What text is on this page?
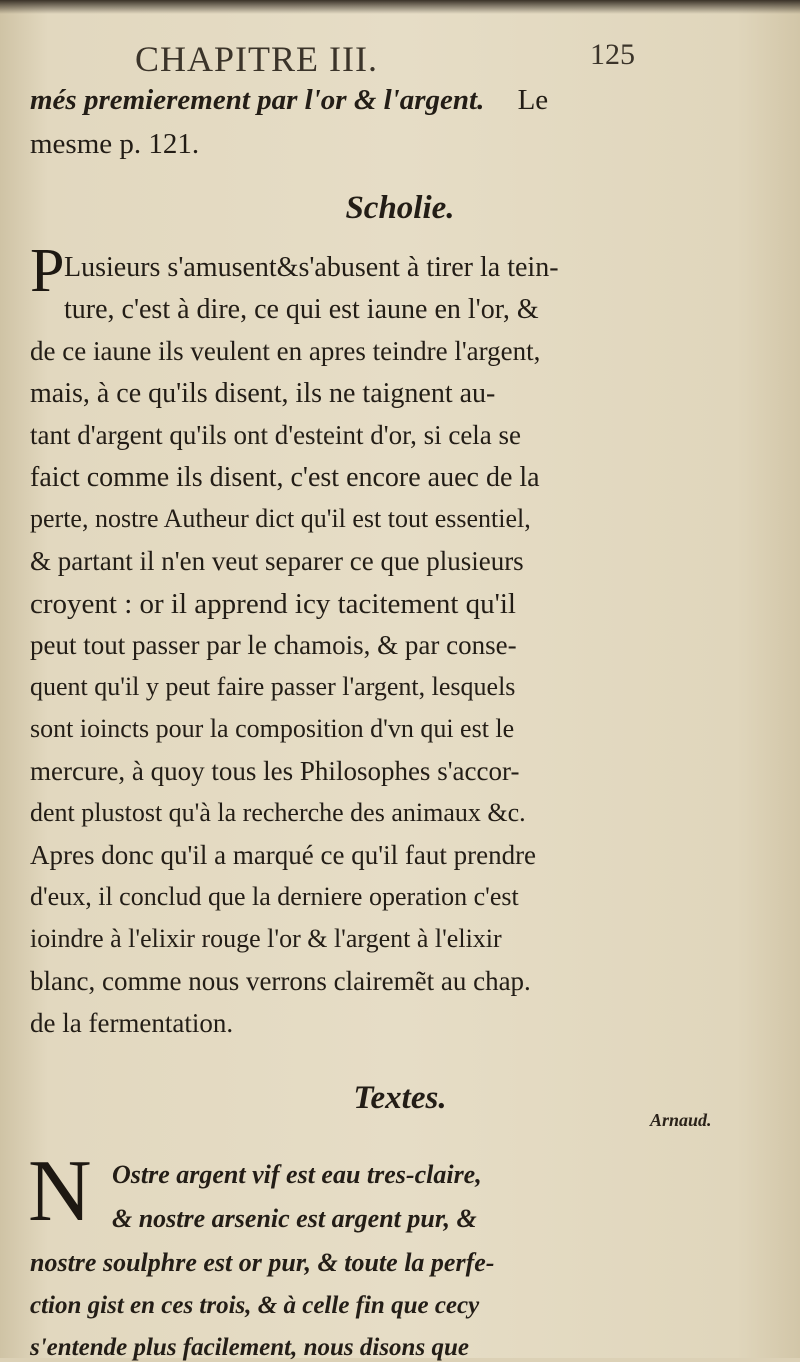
CHAPITRE III.	125
més premierement par l'or & l'argent. Le
mesme p. 121.
Scholie.
P Lusieurs s'amusent&s'abusent à tirer la tein-
ture, c'est à dire, ce qui est iaune en l'or, &
de ce iaune ils veulent en apres teindre l'argent,
mais, à ce qu'ils disent, ils ne taignent au-
tant d'argent qu'ils ont d'esteint d'or, si cela se
faict comme ils disent, c'est encore auec de la
perte, nostre Autheur dict qu'il est tout essentiel,
& partant il n'en veut separer ce que plusieurs
croyent : or il apprend icy tacitement qu'il
peut tout passer par le chamois, & par conse-
quent qu'il y peut faire passer l'argent, lesquels
sont ioincts pour la composition d'vn qui est le
mercure, à quoy tous les Philosophes s'accor-
dent plustost qu'à la recherche des animaux &c.
Apres donc qu'il a marqué ce qu'il faut prendre
d'eux, il conclud que la derniere operation c'est
ioindre à l'elixir rouge l'or & l'argent à l'elixir
blanc, comme nous verrons clairemẽt au chap.
de la fermentation.
Textes.
N Ostre argent vif est eau tres-claire,
& nostre arsenic est argent pur, &
nostre soulphre est or pur, & toute la perfe-
ction gist en ces trois, & à celle fin que cecy
s'entende plus facilement, nous disons que
Arnaud.
